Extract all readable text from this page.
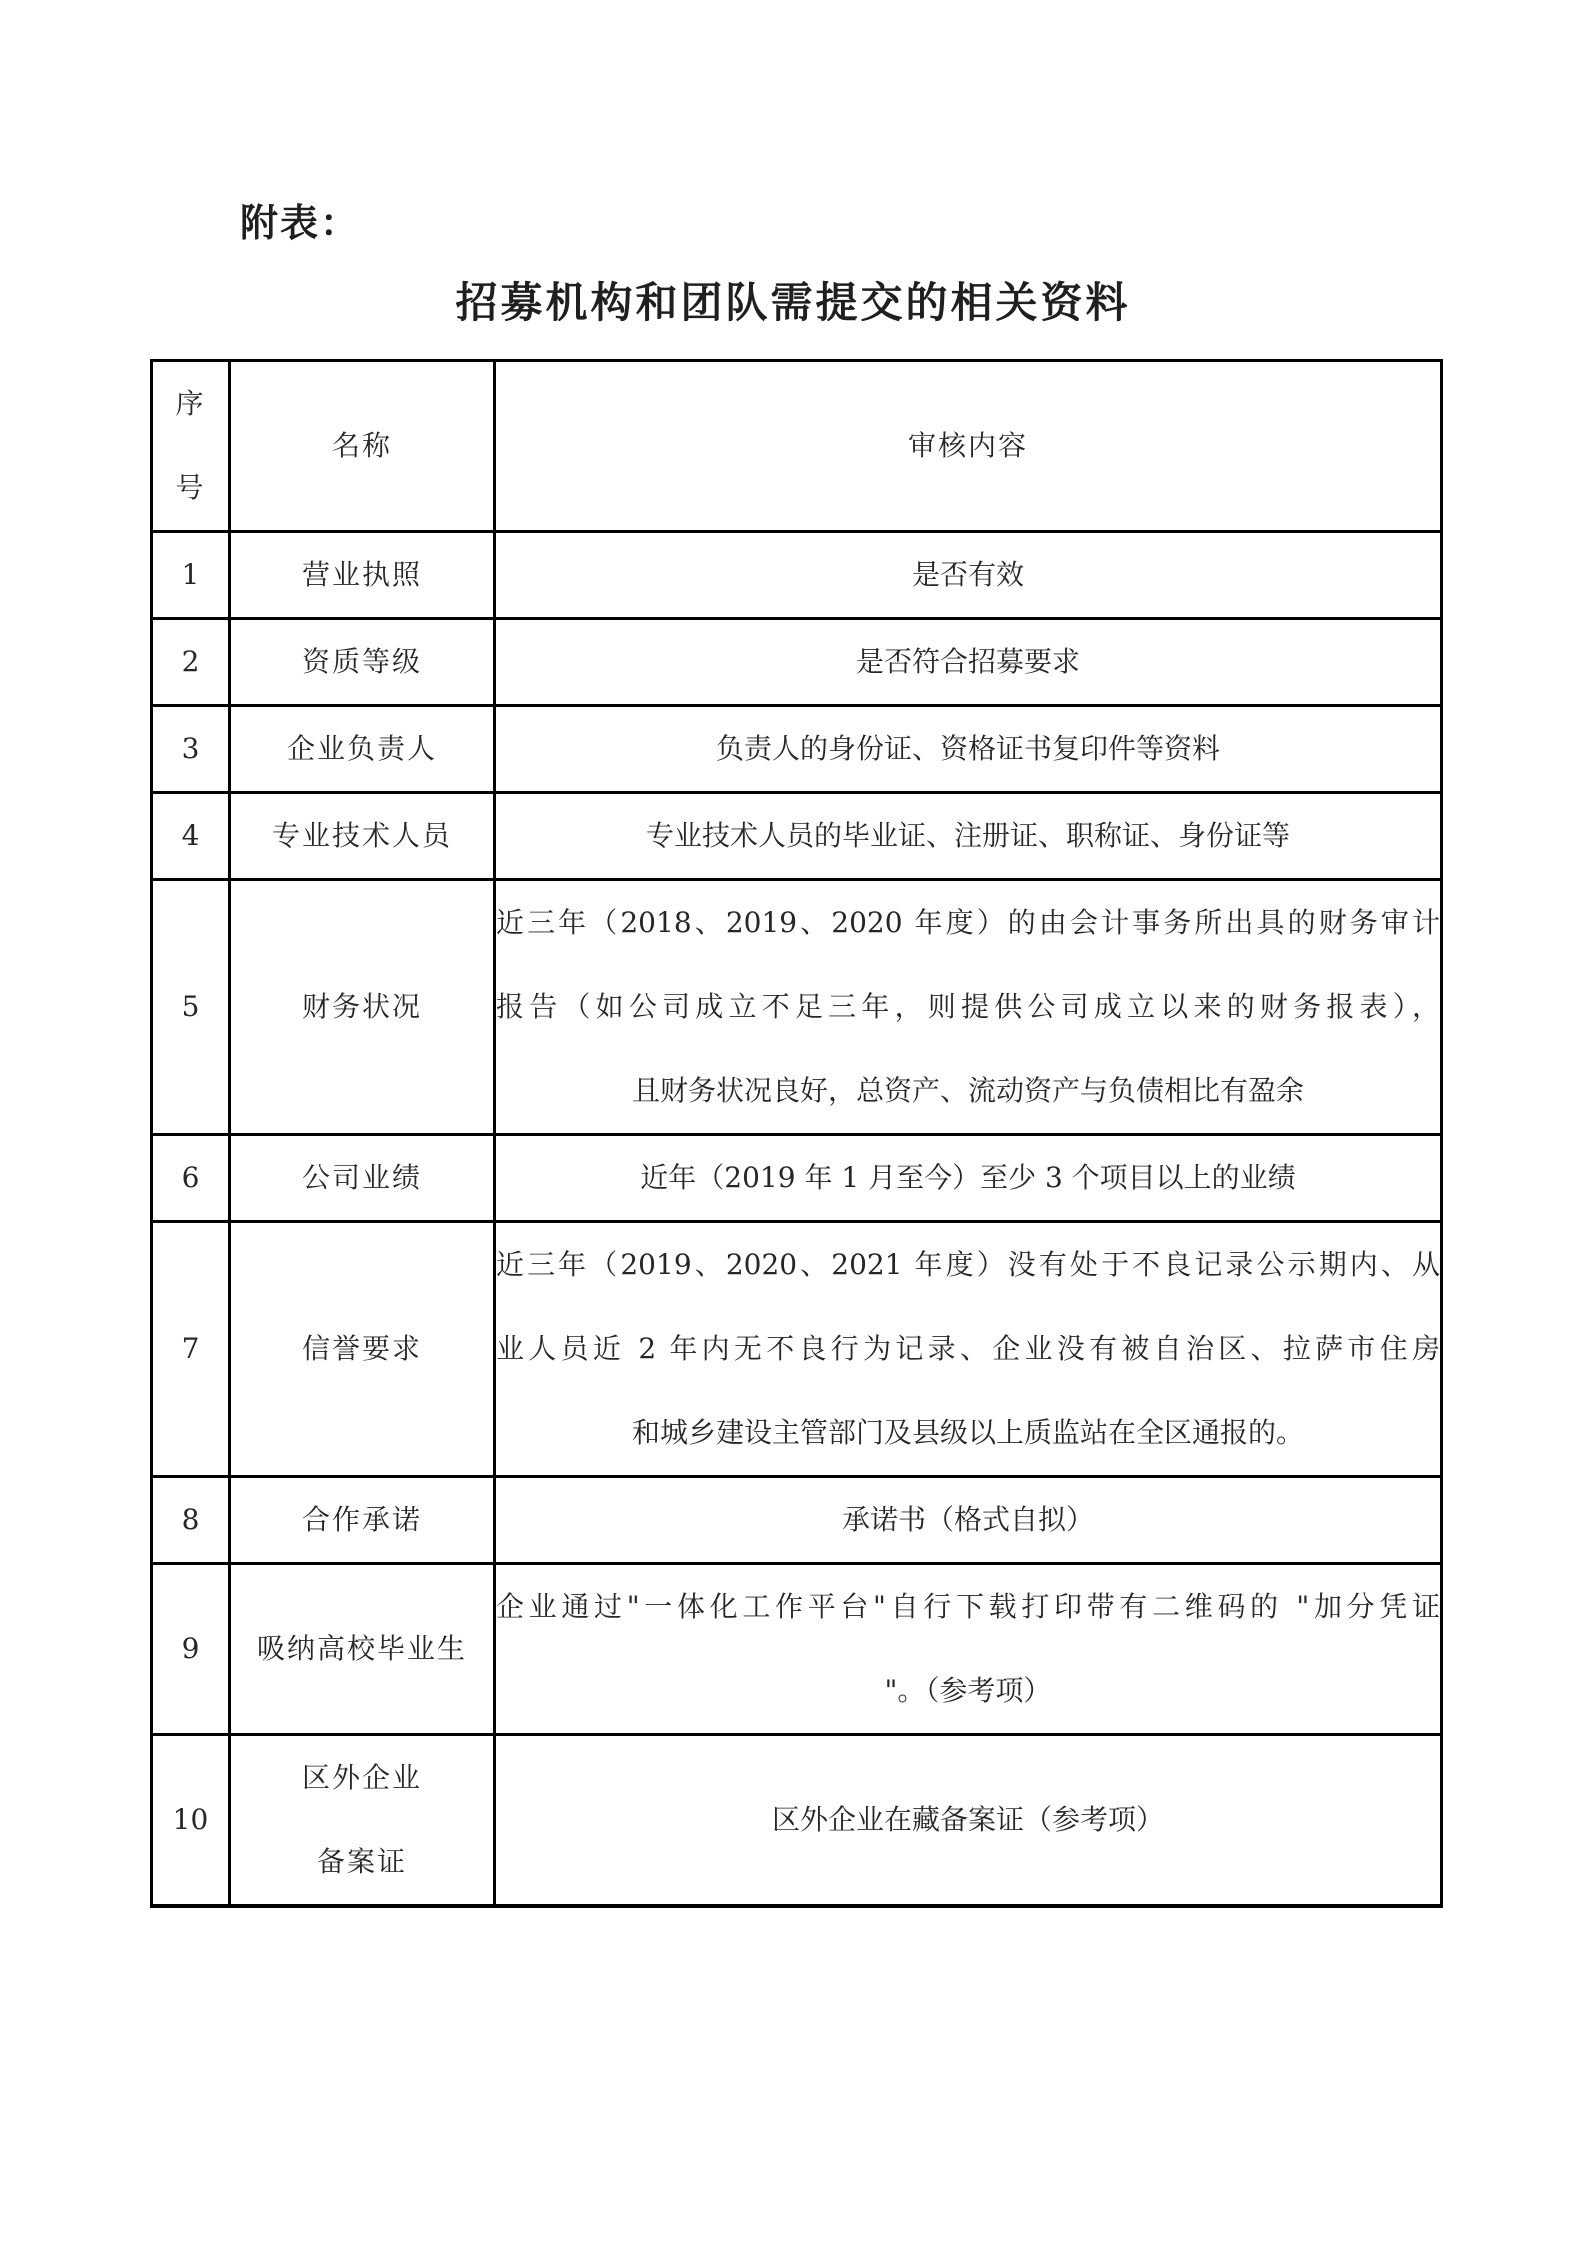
附表：
招募机构和团队需提交的相关资料
序
号	名称	审核内容

1	营业执照	是否有效

2	资质等级	是否符合招募要求

3	企业负责人	负责人的身份证、资格证书复印件等资料

4	专业技术人员	专业技术人员的毕业证、注册证、职称证、身份证等

5	财务状况	近三年（2018、2019、2020 年度）的由会计事务所出具的财务审计
报告（如公司成立不足三年，则提供公司成立以来的财务报表），
且财务状况良好，总资产、流动资产与负债相比有盈余

6	公司业绩	近年（2019 年 1 月至今）至少 3 个项目以上的业绩

7	信誉要求	近三年（2019、2020、2021 年度）没有处于不良记录公示期内、从
业人员近 2 年内无不良行为记录、企业没有被自治区、拉萨市住房
和城乡建设主管部门及县级以上质监站在全区通报的。

8	合作承诺	承诺书（格式自拟）

9	吸纳高校毕业生	企业通过"一体化工作平台"自行下载打印带有二维码的 "加分凭证
"。（参考项）

10	区外企业
备案证	区外企业在藏备案证（参考项）
